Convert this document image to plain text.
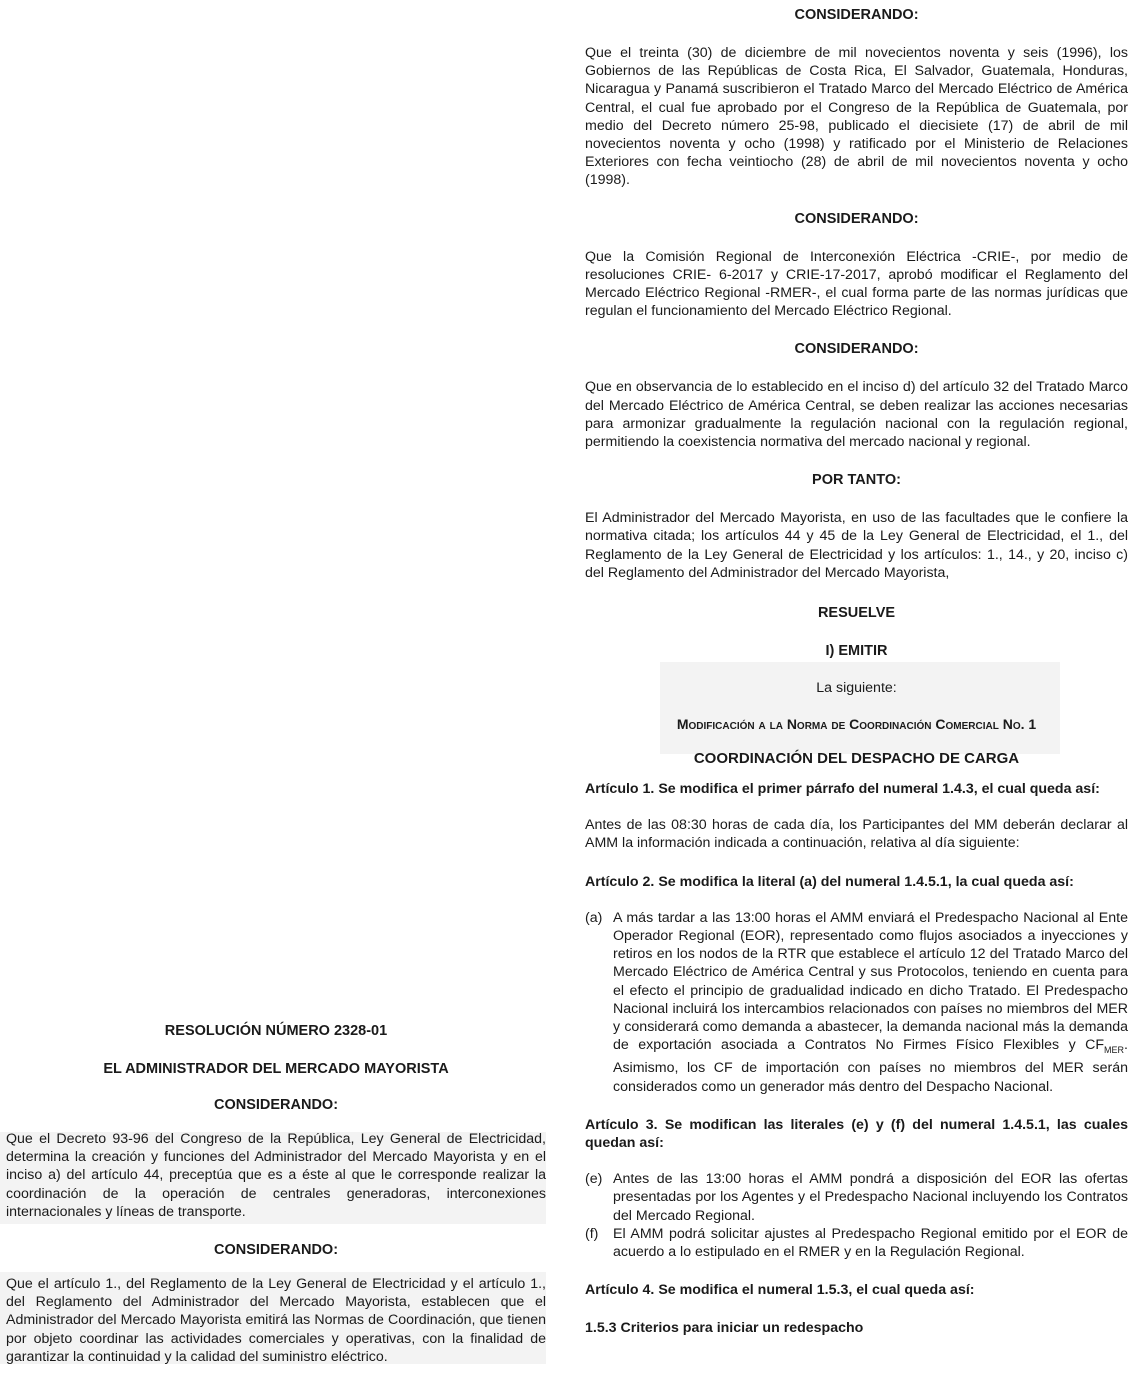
CONSIDERANDO:

Que el treinta (30) de diciembre de mil novecientos noventa y seis (1996), los Gobiernos de las Repúblicas de Costa Rica, El Salvador, Guatemala, Honduras, Nicaragua y Panamá suscribieron el Tratado Marco del Mercado Eléctrico de América Central, el cual fue aprobado por el Congreso de la República de Guatemala, por medio del Decreto número 25-98, publicado el diecisiete (17) de abril de mil novecientos noventa y ocho (1998) y ratificado por el Ministerio de Relaciones Exteriores con fecha veintiocho (28) de abril de mil novecientos noventa y ocho (1998).

CONSIDERANDO:

Que la Comisión Regional de Interconexión Eléctrica -CRIE-, por medio de resoluciones CRIE- 6-2017 y CRIE-17-2017, aprobó modificar el Reglamento del Mercado Eléctrico Regional -RMER-, el cual forma parte de las normas jurídicas que regulan el funcionamiento del Mercado Eléctrico Regional.

CONSIDERANDO:

Que en observancia de lo establecido en el inciso d) del artículo 32 del Tratado Marco del Mercado Eléctrico de América Central, se deben realizar las acciones necesarias para armonizar gradualmente la regulación nacional con la regulación regional, permitiendo la coexistencia normativa del mercado nacional y regional.

POR TANTO:

El Administrador del Mercado Mayorista, en uso de las facultades que le confiere la normativa citada; los artículos 44 y 45 de la Ley General de Electricidad, el 1., del Reglamento de la Ley General de Electricidad y los artículos: 1., 14., y 20, inciso c) del Reglamento del Administrador del Mercado Mayorista,

RESUELVE

I) EMITIR

La siguiente:

Modificación a la Norma de Coordinación Comercial No. 1

COORDINACIÓN DEL DESPACHO DE CARGA

Artículo 1. Se modifica el primer párrafo del numeral 1.4.3, el cual queda así:

Antes de las 08:30 horas de cada día, los Participantes del MM deberán declarar al AMM la información indicada a continuación, relativa al día siguiente:

Artículo 2. Se modifica la literal (a) del numeral 1.4.5.1, la cual queda así:

(a) A más tardar a las 13:00 horas el AMM enviará el Predespacho Nacional al Ente Operador Regional (EOR), representado como flujos asociados a inyecciones y retiros en los nodos de la RTR que establece el artículo 12 del Tratado Marco del Mercado Eléctrico de América Central y sus Protocolos, teniendo en cuenta para el efecto el principio de gradualidad indicado en dicho Tratado. El Predespacho Nacional incluirá los intercambios relacionados con países no miembros del MER y considerará como demanda a abastecer, la demanda nacional más la demanda de exportación asociada a Contratos No Firmes Físico Flexibles y $CF_{MER}$. Asimismo, los CF de importación con países no miembros del MER serán considerados como un generador más dentro del Despacho Nacional.

Artículo 3. Se modifican las literales (e) y (f) del numeral 1.4.5.1, las cuales quedan así:

(e) Antes de las 13:00 horas el AMM pondrá a disposición del EOR las ofertas presentadas por los Agentes y el Predespacho Nacional incluyendo los Contratos del Mercado Regional.
(f)	El AMM podrá solicitar ajustes al Predespacho Regional emitido por el EOR de acuerdo a lo estipulado en el RMER y en la Regulación Regional.

Artículo 4. Se modifica el numeral 1.5.3, el cual queda así:

1.5.3 Criterios para iniciar un redespacho

RESOLUCIÓN NÚMERO 2328-01

EL ADMINISTRADOR DEL MERCADO MAYORISTA

CONSIDERANDO:

Que el Decreto 93-96 del Congreso de la República, Ley General de Electricidad, determina la creación y funciones del Administrador del Mercado Mayorista y en el inciso a) del artículo 44, preceptúa que es a éste al que le corresponde realizar la coordinación de la operación de centrales generadoras, interconexiones internacionales y líneas de transporte.

CONSIDERANDO:

Que el artículo 1., del Reglamento de la Ley General de Electricidad y el artículo 1., del Reglamento del Administrador del Mercado Mayorista, establecen que el Administrador del Mercado Mayorista emitirá las Normas de Coordinación, que tienen por objeto coordinar las actividades comerciales y operativas, con la finalidad de garantizar la continuidad y la calidad del suministro eléctrico.
